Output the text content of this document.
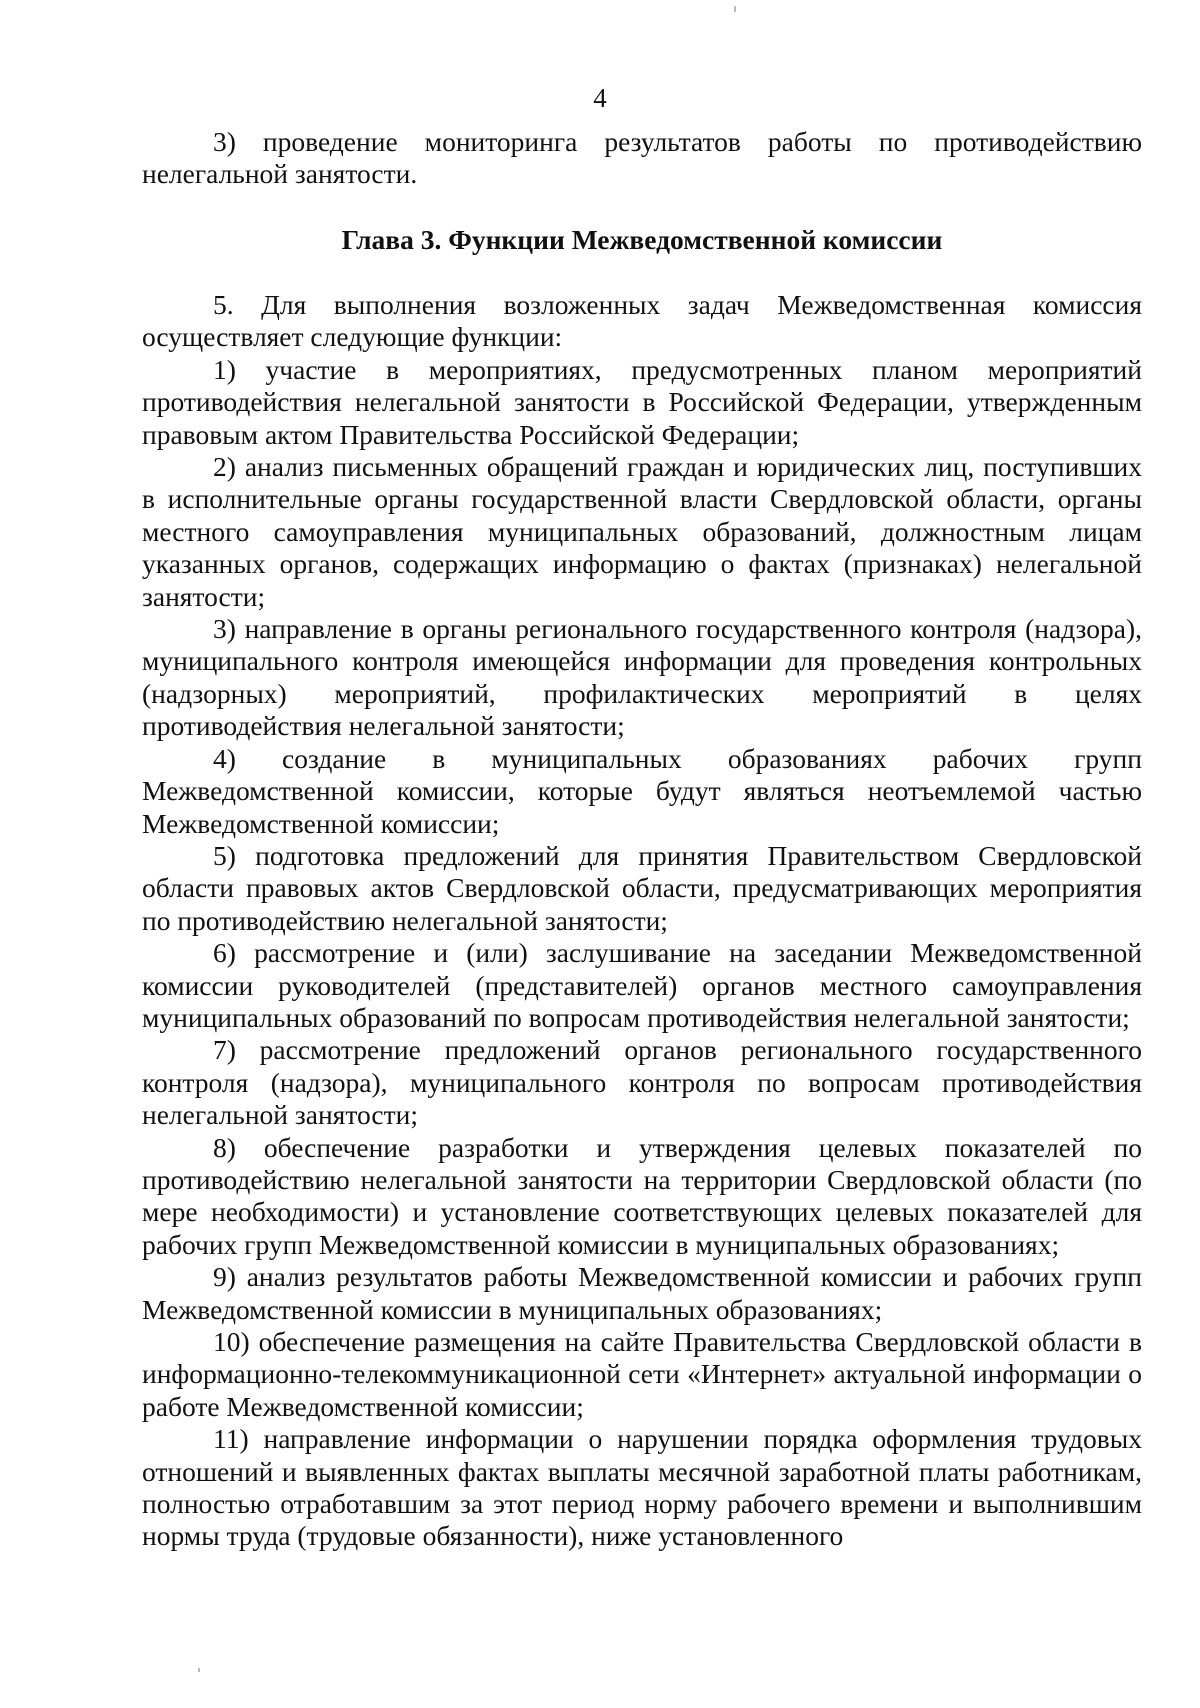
4

3) проведение мониторинга результатов работы по противодействию нелегальной занятости.

Глава 3. Функции Межведомственной комиссии

5. Для выполнения возложенных задач Межведомственная комиссия осуществляет следующие функции:

1) участие в мероприятиях, предусмотренных планом мероприятий противодействия нелегальной занятости в Российской Федерации, утвержденным правовым актом Правительства Российской Федерации;

2) анализ письменных обращений граждан и юридических лиц, поступивших в исполнительные органы государственной власти Свердловской области, органы местного самоуправления муниципальных образований, должностным лицам указанных органов, содержащих информацию о фактах (признаках) нелегальной занятости;

3) направление в органы регионального государственного контроля (надзора), муниципального контроля имеющейся информации для проведения контрольных (надзорных) мероприятий, профилактических мероприятий в целях противодействия нелегальной занятости;

4) создание в муниципальных образованиях рабочих групп Межведомственной комиссии, которые будут являться неотъемлемой частью Межведомственной комиссии;

5) подготовка предложений для принятия Правительством Свердловской области правовых актов Свердловской области, предусматривающих мероприятия по противодействию нелегальной занятости;

6) рассмотрение и (или) заслушивание на заседании Межведомственной комиссии руководителей (представителей) органов местного самоуправления муниципальных образований по вопросам противодействия нелегальной занятости;

7) рассмотрение предложений органов регионального государственного контроля (надзора), муниципального контроля по вопросам противодействия нелегальной занятости;

8) обеспечение разработки и утверждения целевых показателей по противодействию нелегальной занятости на территории Свердловской области (по мере необходимости) и установление соответствующих целевых показателей для рабочих групп Межведомственной комиссии в муниципальных образованиях;

9) анализ результатов работы Межведомственной комиссии и рабочих групп Межведомственной комиссии в муниципальных образованиях;

10) обеспечение размещения на сайте Правительства Свердловской области в информационно-телекоммуникационной сети «Интернет» актуальной информации о работе Межведомственной комиссии;

11) направление информации о нарушении порядка оформления трудовых отношений и выявленных фактах выплаты месячной заработной платы работникам, полностью отработавшим за этот период норму рабочего времени и выполнившим нормы труда (трудовые обязанности), ниже установленного
